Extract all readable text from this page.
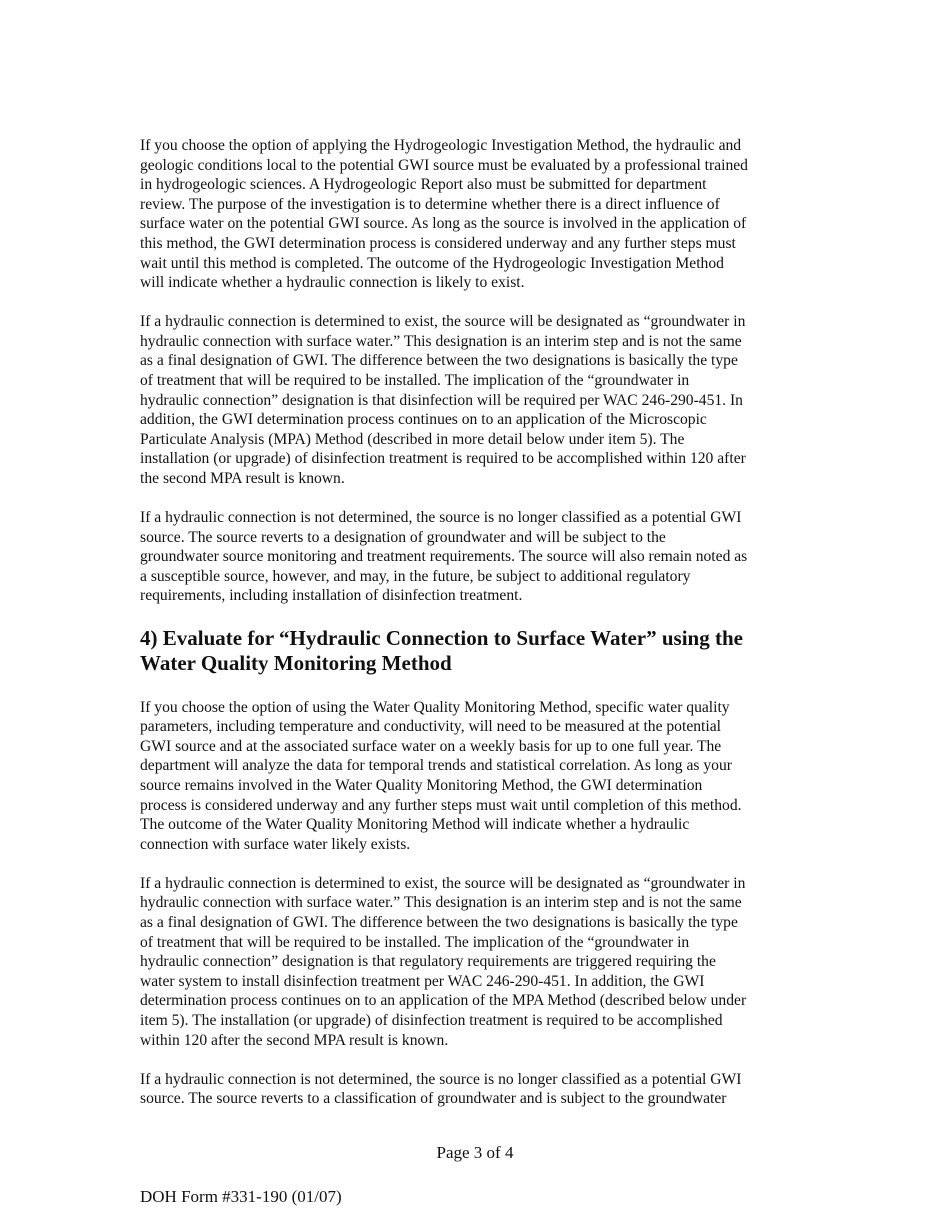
If you choose the option of applying the Hydrogeologic Investigation Method, the hydraulic and
geologic conditions local to the potential GWI source must be evaluated by a professional trained
in hydrogeologic sciences. A Hydrogeologic Report also must be submitted for department
review. The purpose of the investigation is to determine whether there is a direct influence of
surface water on the potential GWI source. As long as the source is involved in the application of
this method, the GWI determination process is considered underway and any further steps must
wait until this method is completed. The outcome of the Hydrogeologic Investigation Method
will indicate whether a hydraulic connection is likely to exist.
If a hydraulic connection is determined to exist, the source will be designated as “groundwater in
hydraulic connection with surface water.” This designation is an interim step and is not the same
as a final designation of GWI. The difference between the two designations is basically the type
of treatment that will be required to be installed. The implication of the “groundwater in
hydraulic connection” designation is that disinfection will be required per WAC 246-290-451. In
addition, the GWI determination process continues on to an application of the Microscopic
Particulate Analysis (MPA) Method (described in more detail below under item 5). The
installation (or upgrade) of disinfection treatment is required to be accomplished within 120 after
the second MPA result is known.
If a hydraulic connection is not determined, the source is no longer classified as a potential GWI
source. The source reverts to a designation of groundwater and will be subject to the
groundwater source monitoring and treatment requirements. The source will also remain noted as
a susceptible source, however, and may, in the future, be subject to additional regulatory
requirements, including installation of disinfection treatment.
4) Evaluate for “Hydraulic Connection to Surface Water” using the
Water Quality Monitoring Method
If you choose the option of using the Water Quality Monitoring Method, specific water quality
parameters, including temperature and conductivity, will need to be measured at the potential
GWI source and at the associated surface water on a weekly basis for up to one full year. The
department will analyze the data for temporal trends and statistical correlation. As long as your
source remains involved in the Water Quality Monitoring Method, the GWI determination
process is considered underway and any further steps must wait until completion of this method.
The outcome of the Water Quality Monitoring Method will indicate whether a hydraulic
connection with surface water likely exists.
If a hydraulic connection is determined to exist, the source will be designated as “groundwater in
hydraulic connection with surface water.” This designation is an interim step and is not the same
as a final designation of GWI. The difference between the two designations is basically the type
of treatment that will be required to be installed. The implication of the “groundwater in
hydraulic connection” designation is that regulatory requirements are triggered requiring the
water system to install disinfection treatment per WAC 246-290-451. In addition, the GWI
determination process continues on to an application of the MPA Method (described below under
item 5). The installation (or upgrade) of disinfection treatment is required to be accomplished
within 120 after the second MPA result is known.
If a hydraulic connection is not determined, the source is no longer classified as a potential GWI
source. The source reverts to a classification of groundwater and is subject to the groundwater
Page 3 of 4
DOH Form #331-190 (01/07)
